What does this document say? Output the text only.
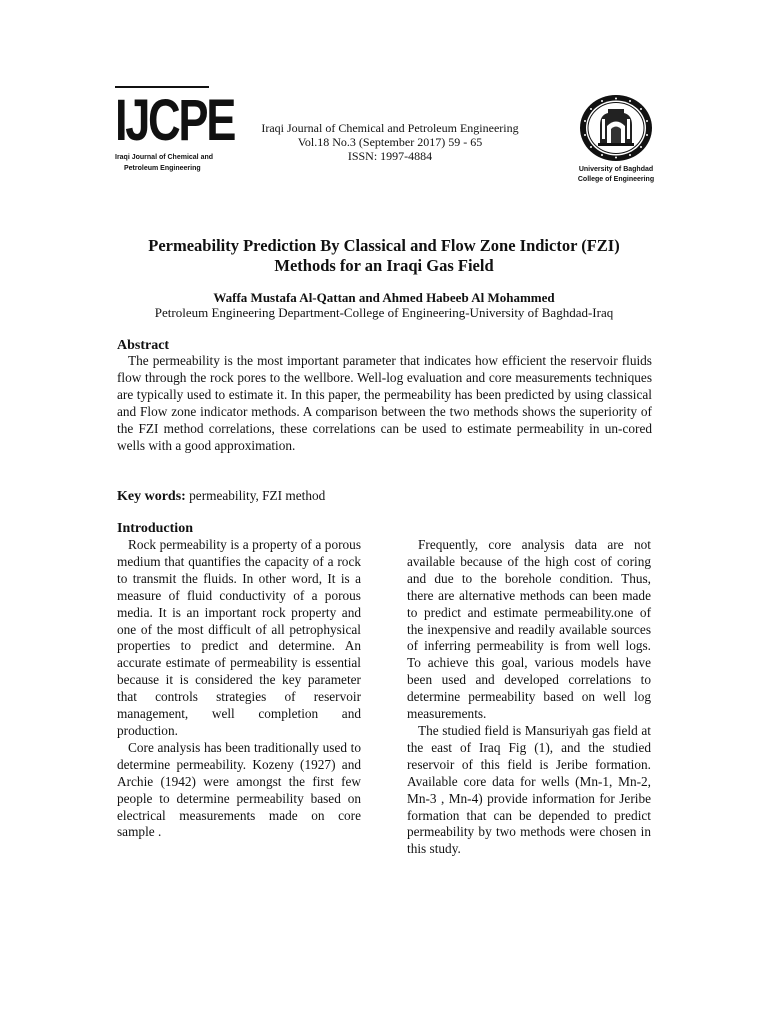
IJCPE
Iraqi Journal of Chemical and
Petroleum Engineering
Iraqi Journal of Chemical and Petroleum Engineering
Vol.18 No.3 (September 2017) 59 - 65
ISSN: 1997-4884
University of Baghdad
College of Engineering
Permeability Prediction By Classical and Flow Zone Indictor (FZI)
Methods for an Iraqi Gas Field
Waffa Mustafa Al-Qattan and Ahmed Habeeb Al Mohammed
Petroleum Engineering Department-College of Engineering-University of Baghdad-Iraq
Abstract
The permeability is the most important parameter that indicates how efficient the reservoir fluids flow through the rock pores to the wellbore. Well-log evaluation and core measurements techniques are typically used to estimate it. In this paper, the permeability has been predicted by using classical and Flow zone indicator methods. A comparison between the two methods shows the superiority of the FZI method correlations, these correlations can be used to estimate permeability in un-cored wells with a good approximation.
Key words: permeability, FZI method
Introduction

Rock permeability is a property of a porous medium that quantifies the capacity of a rock to transmit the fluids. In other word, It is a measure of fluid conductivity of a porous media. It is an important rock property and one of the most difficult of all petrophysical properties to predict and determine. An accurate estimate of permeability is essential because it is considered the key parameter that controls strategies of reservoir management, well completion and production.

Core analysis has been traditionally used to determine permeability. Kozeny (1927) and Archie (1942) were amongst the first few people to determine permeability based on electrical measurements made on core sample .

Frequently, core analysis data are not available because of the high cost of coring and due to the borehole condition. Thus, there are alternative methods can been made to predict and estimate permeability.one of the inexpensive and readily available sources of inferring permeability is from well logs. To achieve this goal, various models have been used and developed correlations to determine permeability based on well log measurements.

The studied field is Mansuriyah gas field at the east of Iraq Fig (1), and the studied reservoir of this field is Jeribe formation. Available core data for wells (Mn-1, Mn-2, Mn-3 , Mn-4) provide information for Jeribe formation that can be depended to predict permeability by two methods were chosen in this study.
